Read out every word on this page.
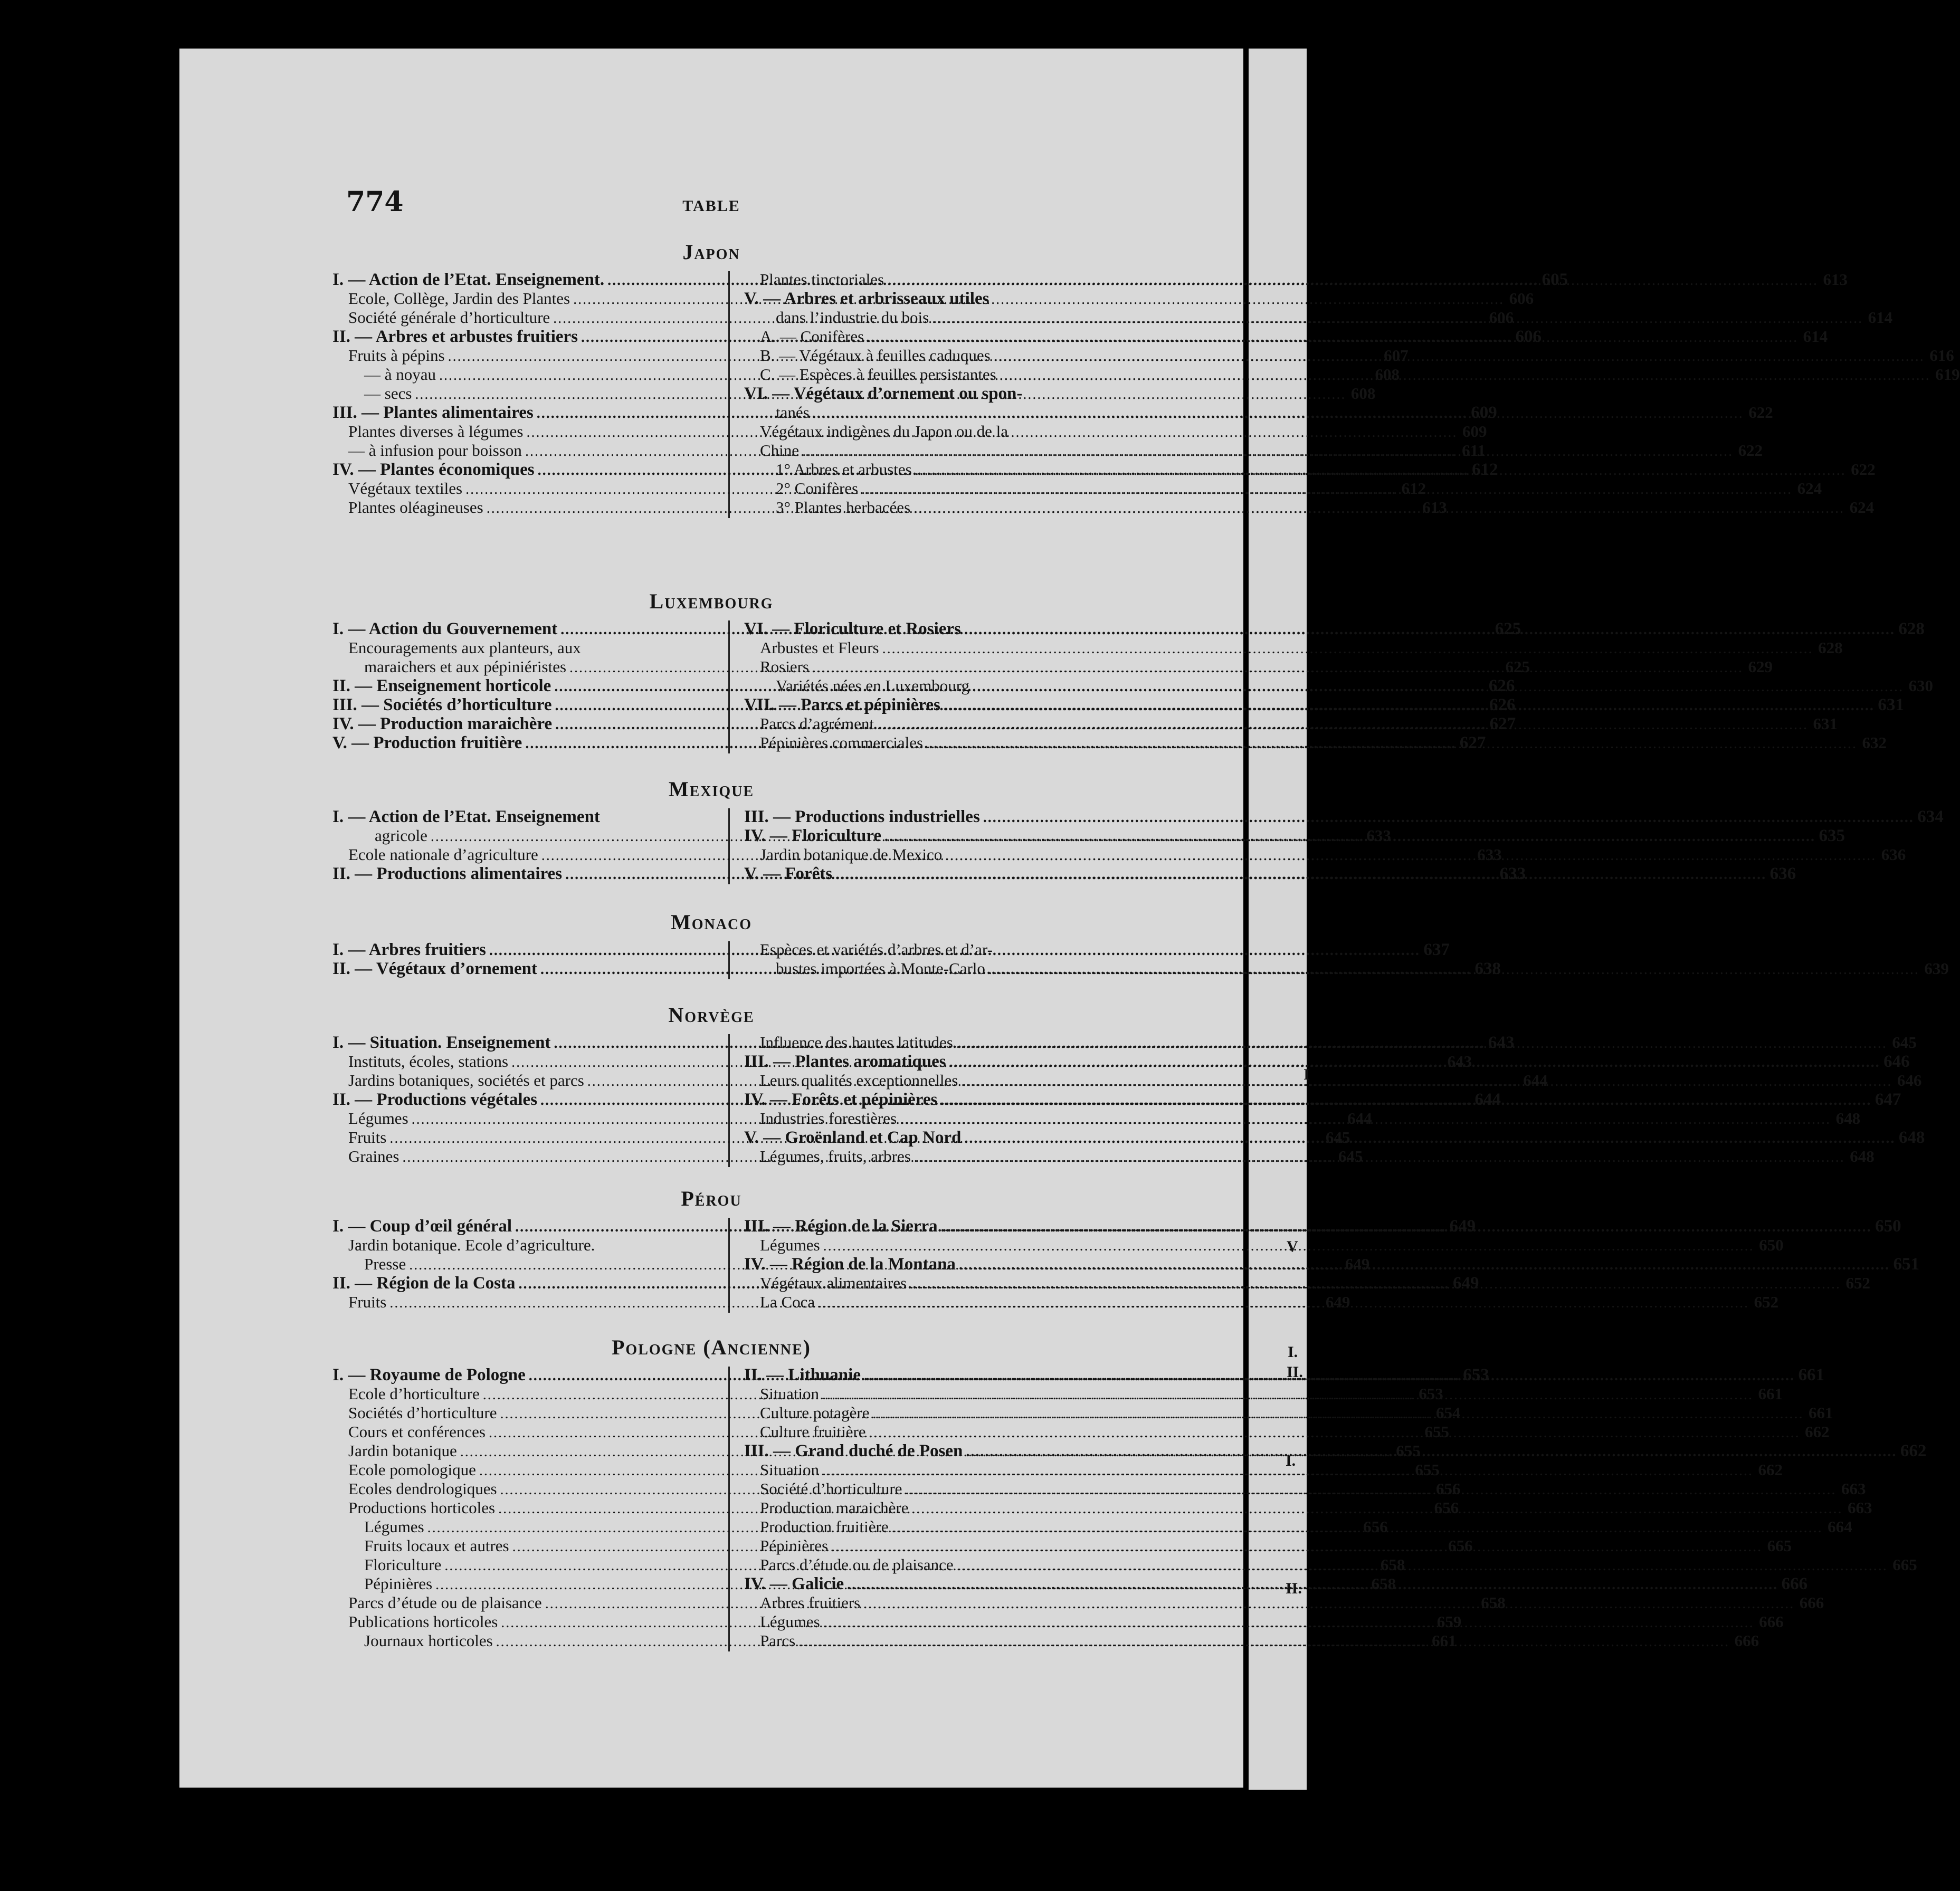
774	TABLE
Japon
I. — Action de l’Etat. Enseignement. .....	605
Ecole, Collège, Jardin des Plantes .....	606
Société générale d’horticulture .....	606
II. — Arbres et arbustes fruitiers .....	606
Fruits à pépins .....	607
— à noyau .....	608
— secs .....	608
III. — Plantes alimentaires .....	609
Plantes diverses à légumes .....	609
— à infusion pour boisson .....	611
IV. — Plantes économiques .....	612
Végétaux textiles .....	612
Plantes oléagineuses .....	613
Plantes tinctoriales .....	613
V. — Arbres et arbrisseaux utiles
dans l’industrie du bois .....	614
A. — Conifères .....	614
B. — Végétaux à feuilles caduques .....	616
C. — Espèces à feuilles persistantes .....	619
VI. — Végétaux d’ornement ou spon-
tanés .....	622
Végétaux indigènes du Japon ou de la
Chine .....	622
1° Arbres et arbustes .....	622
2° Conifères .....	624
3° Plantes herbacées .....	624
Luxembourg
I. — Action du Gouvernement .....	625
Encouragements aux planteurs, aux
maraichers et aux pépiniéristes .....	625
II. — Enseignement horticole .....	626
III. — Sociétés d’horticulture .....	626
IV. — Production maraichère .....	627
V. — Production fruitière .....	627
VI. — Floriculture et Rosiers .....	628
Arbustes et Fleurs .....	628
Rosiers .....	629
Variétés nées en Luxembourg .....	630
VII. — Parcs et pépinières .....	631
Parcs d’agrément .....	631
Pépinières commerciales .....	632
Mexique
I. — Action de l’Etat. Enseignement
agricole .....	633
Ecole nationale d’agriculture .....	633
II. — Productions alimentaires .....	633
III. — Productions industrielles .....	634
IV. — Floriculture .....	635
Jardin botanique de Mexico .....	636
V. — Forêts .....	636
Monaco
I. — Arbres fruitiers .....	637
II. — Végétaux d’ornement .....	638
Espèces et variétés d’arbres et d’ar-
bustes importées à Monte-Carlo .....	639
Norvège
I. — Situation. Enseignement .....	643
Instituts, écoles, stations .....	643
Jardins botaniques, sociétés et parcs .....	644
II. — Productions végétales .....	644
Légumes .....	644
Fruits .....	645
Graines .....	645
Influence des hautes latitudes .....	645
III. — Plantes aromatiques .....	646
Leurs qualités exceptionnelles .....	646
IV. — Forêts et pépinières .....	647
Industries forestières .....	648
V. — Groënland et Cap Nord .....	648
Légumes, fruits, arbres .....	648
Pérou
I. — Coup d’œil général .....	649
Jardin botanique. Ecole d’agriculture.
Presse .....	649
II. — Région de la Costa .....	649
Fruits .....	649
III. — Région de la Sierra .....	650
Légumes .....	650
IV. — Région de la Montana .....	651
Végétaux alimentaires .....	652
La Coca .....	652
Pologne (Ancienne)
I. — Royaume de Pologne .....	653
Ecole d’horticulture .....	653
Sociétés d’horticulture .....	654
Cours et conférences .....	655
Jardin botanique .....	655
Ecole pomologique .....	655
Ecoles dendrologiques .....	656
Productions horticoles .....	656
Légumes .....	656
Fruits locaux et autres .....	656
Floriculture .....	658
Pépinières .....	658
Parcs d’étude ou de plaisance .....	658
Publications horticoles .....	659
Journaux horticoles .....	661
II. — Lithuanie .....	661
Situation .....	661
Culture potagère .....	661
Culture fruitière .....	662
III. — Grand duché de Posen .....	662
Situation .....	662
Société d’horticulture .....	663
Production maraichère .....	663
Production fruitière .....	664
Pépinières .....	665
Parcs d’étude ou de plaisance .....	665
IV. — Galicie .....	666
Arbres fruitiers .....	666
Légumes .....	666
Parcs .....	666
I
V
I.
II.
I.
II.
